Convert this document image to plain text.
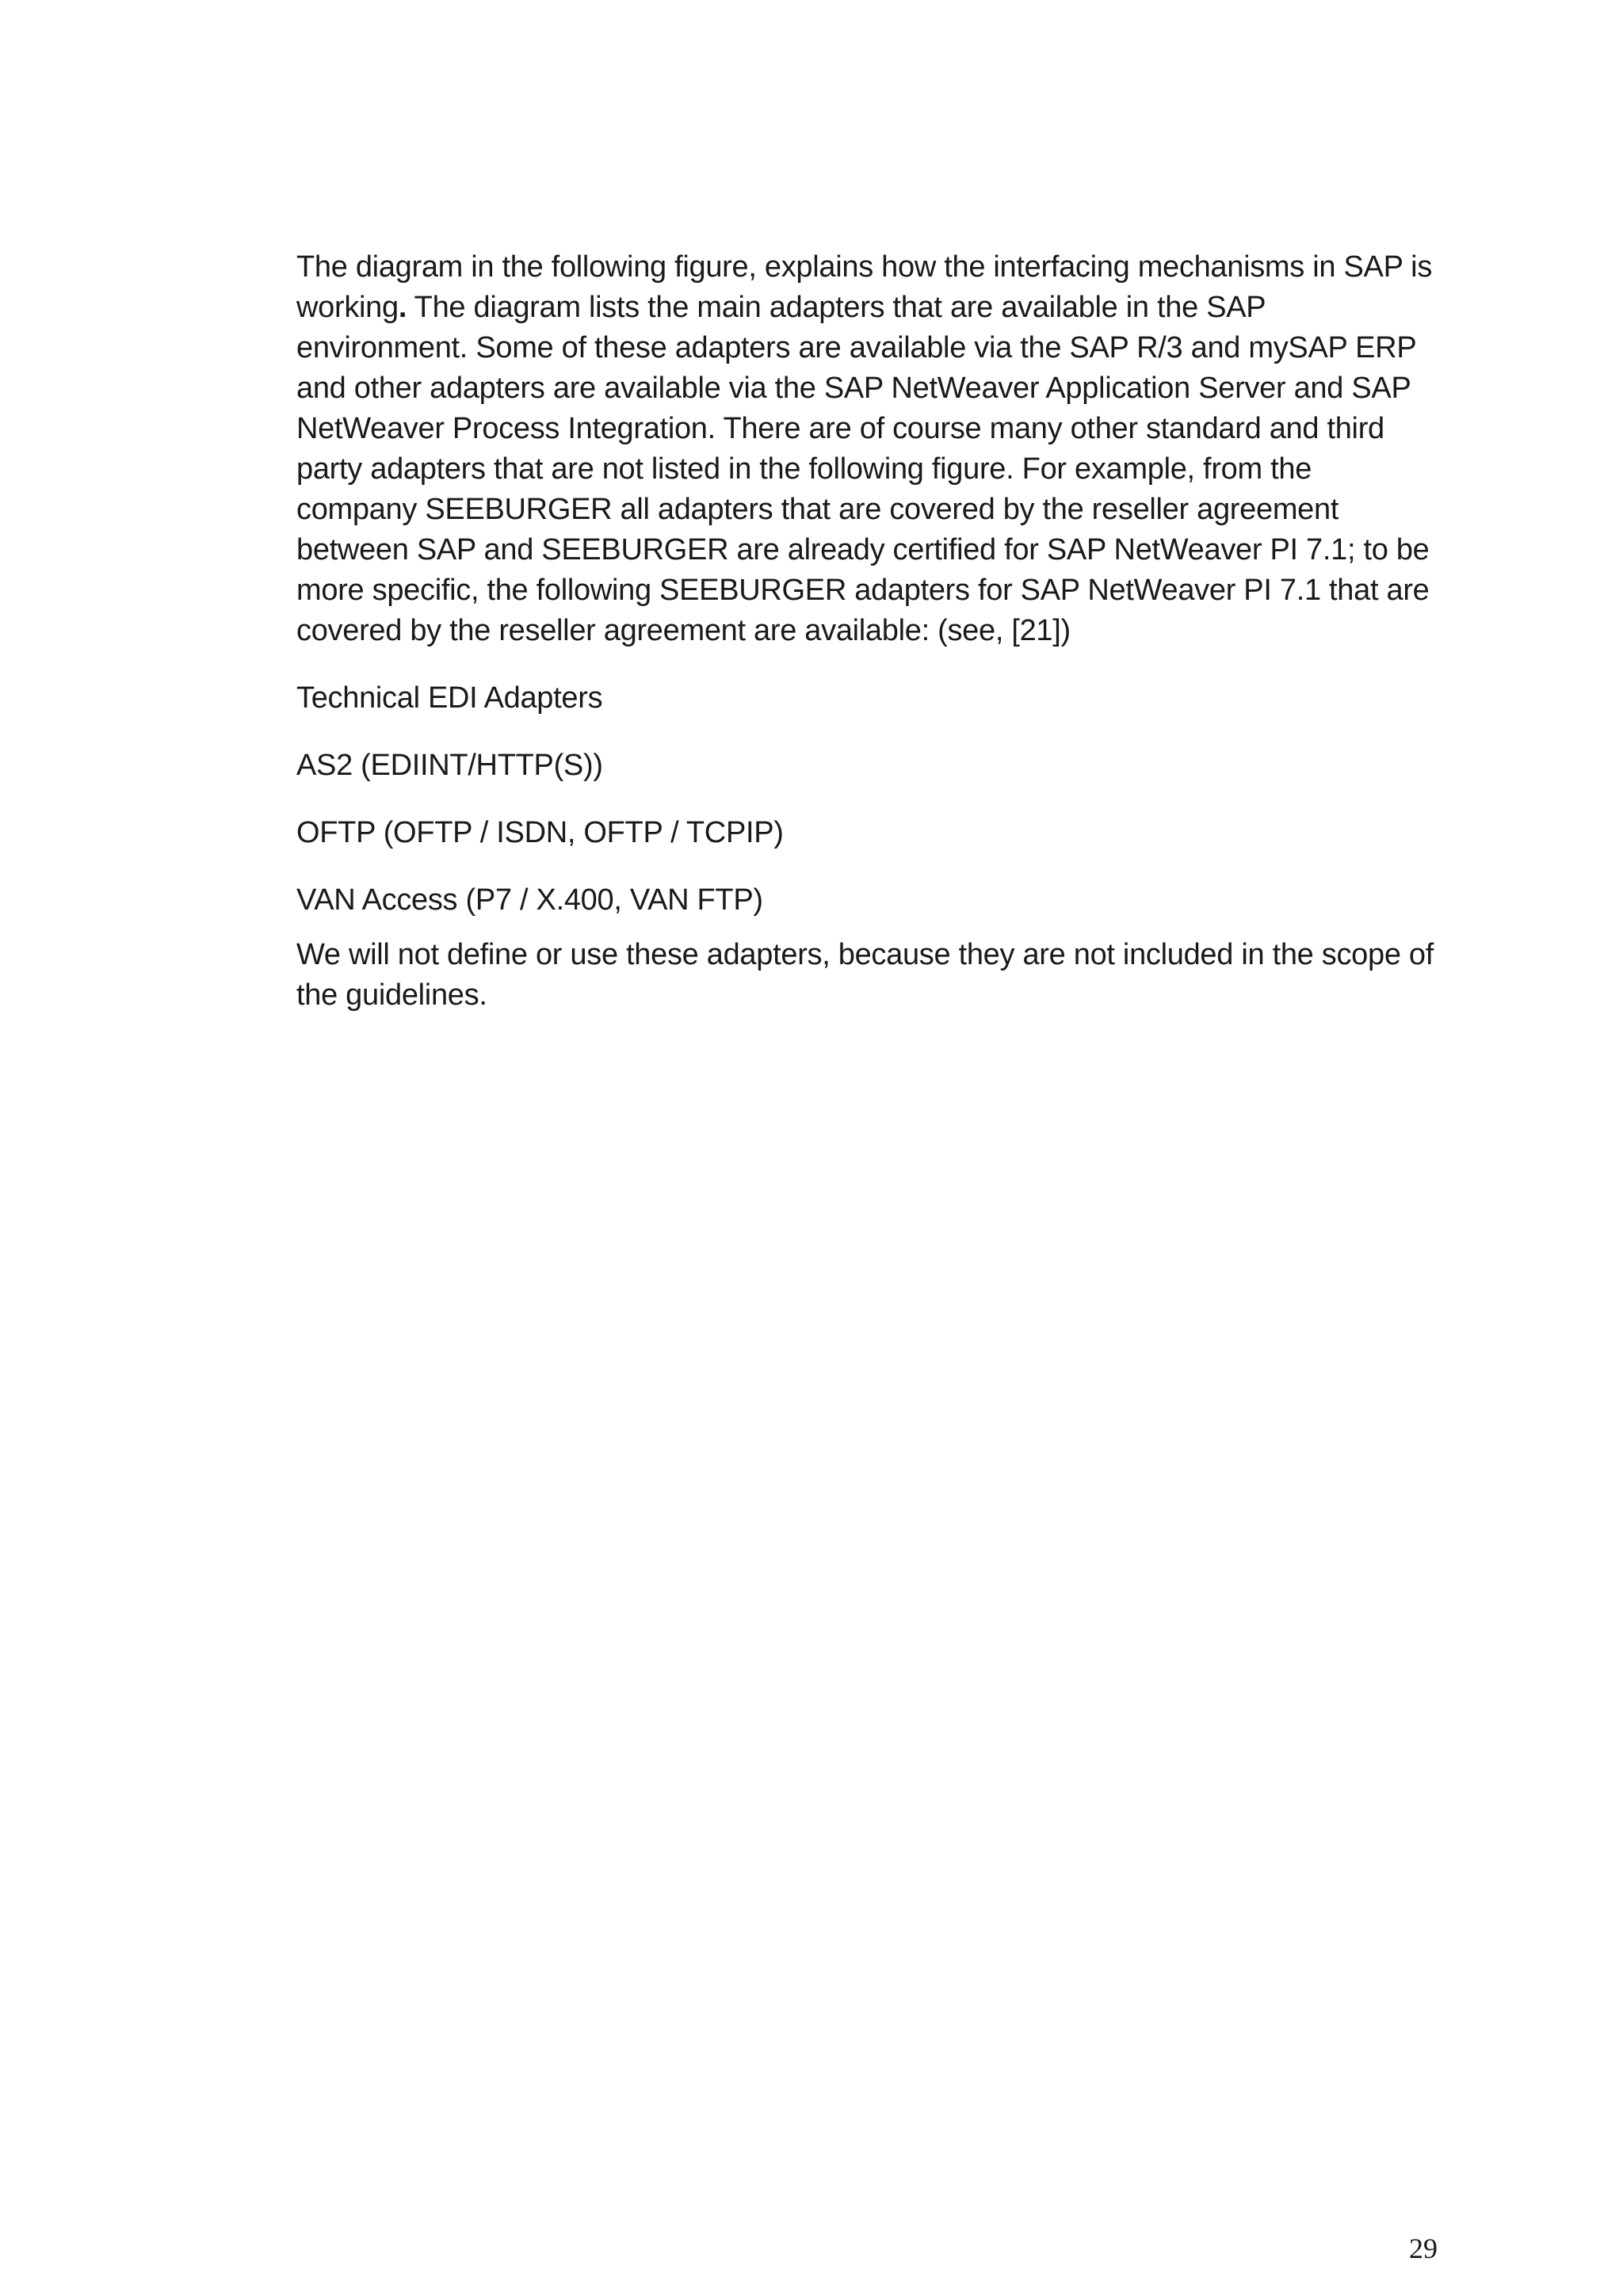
The diagram in the following figure, explains how the interfacing mechanisms in SAP is working. The diagram lists the main adapters that are available in the SAP environment. Some of these adapters are available via the SAP R/3 and mySAP ERP and other adapters are available via the SAP NetWeaver Application Server and SAP NetWeaver Process Integration. There are of course many other standard and third party adapters that are not listed in the following figure. For example, from the company SEEBURGER all adapters that are covered by the reseller agreement between SAP and SEEBURGER are already certified for SAP NetWeaver PI 7.1; to be more specific, the following SEEBURGER adapters for SAP NetWeaver PI 7.1 that are covered by the reseller agreement are available: (see, [21])

Technical EDI Adapters

AS2 (EDIINT/HTTP(S))

OFTP (OFTP / ISDN, OFTP / TCPIP)

VAN Access (P7 / X.400, VAN FTP)

We will not define or use these adapters, because they are not included in the scope of the guidelines.

29
